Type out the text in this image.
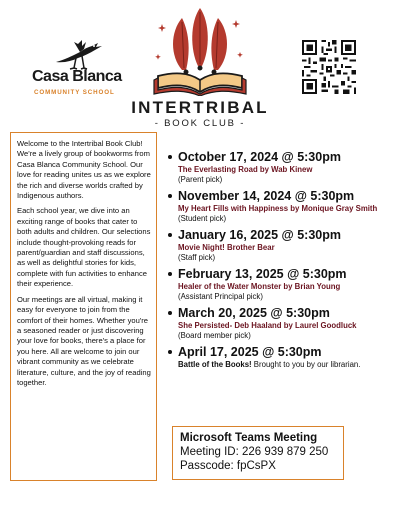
Casa Blanca
COMMUNITY SCHOOL
INTERTRIBAL
- BOOK CLUB -

Welcome to the Intertribal Book Club! We're a lively group of bookworms from Casa Blanca Community School. Our love for reading unites us as we explore the rich and diverse worlds crafted by Indigenous authors.

Each school year, we dive into an exciting range of books that cater to both adults and children. Our selections include thought-provoking reads for parent/guardian and staff discussions, as well as delightful stories for kids, complete with fun activities to enhance their experience.

Our meetings are all virtual, making it easy for everyone to join from the comfort of their homes. Whether you're a seasoned reader or just discovering your love for books, there's a place for you here. All are welcome to join our vibrant community as we celebrate literature, culture, and the joy of reading together.

October 17, 2024 @ 5:30pm
The Everlasting Road by Wab Kinew
(Parent pick)
November 14, 2024 @ 5:30pm
My Heart Fills with Happiness by Monique Gray Smith
(Student pick)
January 16, 2025 @ 5:30pm
Movie Night! Brother Bear
(Staff pick)
February 13, 2025 @ 5:30pm
Healer of the Water Monster by Brian Young
(Assistant Principal pick)
March 20, 2025 @ 5:30pm
She Persisted- Deb Haaland by Laurel Goodluck
(Board member pick)
April 17, 2025 @ 5:30pm
Battle of the Books! Brought to you by our librarian.
Microsoft Teams Meeting
Meeting ID: 226 939 879 250
Passcode: fpCsPX
